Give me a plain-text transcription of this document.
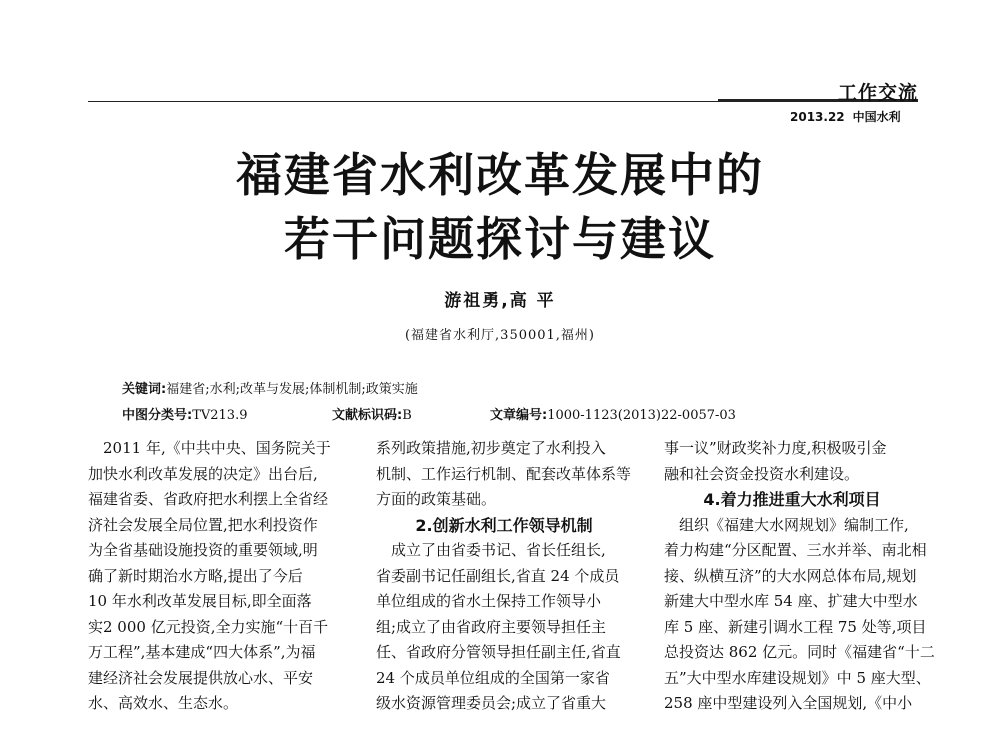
工作交流
2013.22 中国水利
福建省水利改革发展中的
若干问题探讨与建议
游祖勇,高 平
(福建省水利厅,350001,福州)
关键词:福建省;水利;改革与发展;体制机制;政策实施
中图分类号:TV213.9	文献标识码:B	文章编号:1000-1123(2013)22-0057-03
　2011 年,《中共中央、国务院关于
加快水利改革发展的决定》出台后,
福建省委、省政府把水利摆上全省经
济社会发展全局位置,把水利投资作
为全省基础设施投资的重要领域,明
确了新时期治水方略,提出了今后
10 年水利改革发展目标,即全面落
实2 000 亿元投资,全力实施“十百千
万工程”,基本建成“四大体系”,为福
建经济社会发展提供放心水、平安
水、高效水、生态水。
系列政策措施,初步奠定了水利投入
机制、工作运行机制、配套改革体系等
方面的政策基础。
2.创新水利工作领导机制
　成立了由省委书记、省长任组长,
省委副书记任副组长,省直 24 个成员
单位组成的省水土保持工作领导小
组;成立了由省政府主要领导担任主
任、省政府分管领导担任副主任,省直
24 个成员单位组成的全国第一家省
级水资源管理委员会;成立了省重大
事一议”财政奖补力度,积极吸引金
融和社会资金投资水利建设。
4.着力推进重大水利项目
　组织《福建大水网规划》编制工作,
着力构建“分区配置、三水并举、南北相
接、纵横互济”的大水网总体布局,规划
新建大中型水库 54 座、扩建大中型水
库 5 座、新建引调水工程 75 处等,项目
总投资达 862 亿元。同时《福建省“十二
五”大中型水库建设规划》中 5 座大型、
258 座中型建设列入全国规划,《中小
